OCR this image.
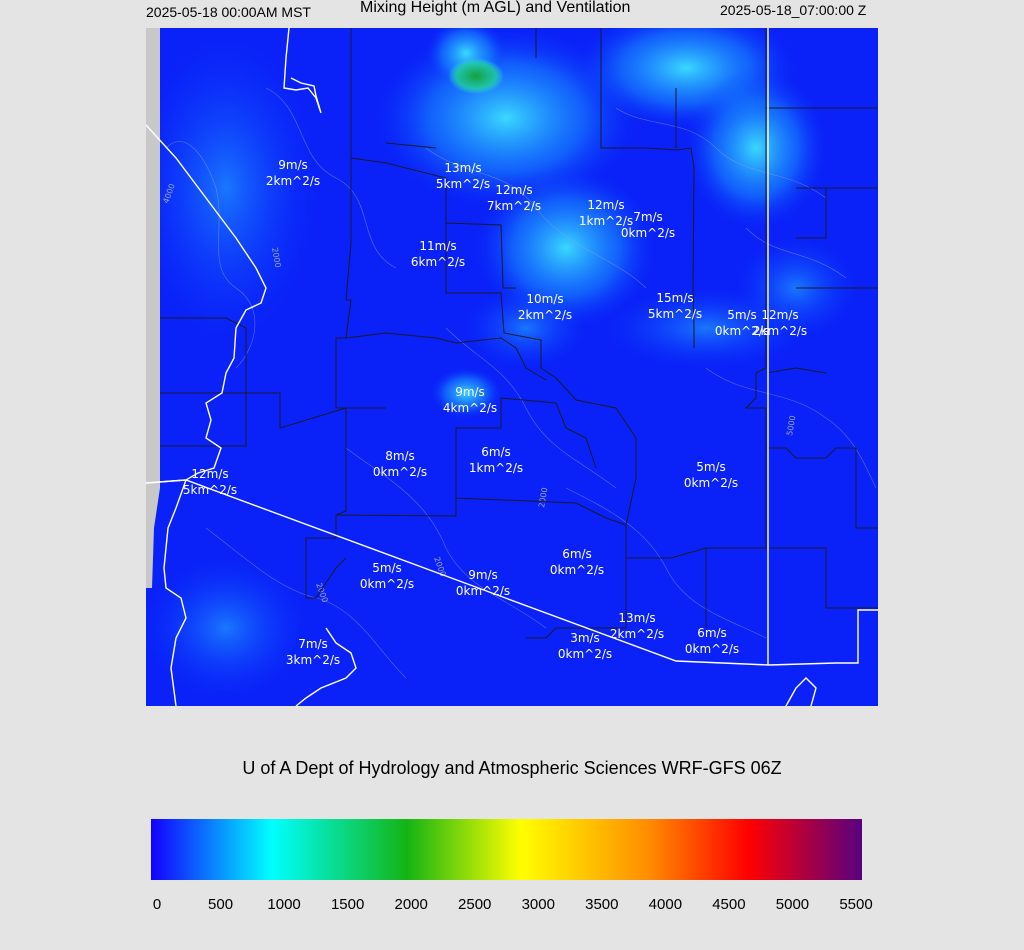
2025-05-18 00:00AM MST	Mixing Height (m AGL) and Ventilation	2025-05-18_07:00:00 Z
4000
2000
2000
2000
2000
5000
9m/s
2km^2/s
13m/s
5km^2/s 12m/s
7km^2/s	12m/s
1km^2/s 7m/s
0km^2/s
11m/s
6km^2/s
10m/s
2km^2/s
15m/s
5km^2/s 5m/s
0km^2/s
12m/s
2km^2/s
9m/s
4km^2/s
8m/s
0km^2/s
6m/s
1km^2/s	5m/s
0km^2/s
12m/s
5km^2/s
5m/s
0km^2/s
9m/s
0km^2/s
6m/s
0km^2/s
13m/s
2km^2/s
3m/s
0km^2/s
6m/s
0km^2/s
7m/s
3km^2/s
U of A Dept of Hydrology and Atmospheric Sciences WRF-GFS 06Z
0	500 1000 1500 2000 2500 3000 3500 4000 4500 5000 5500
